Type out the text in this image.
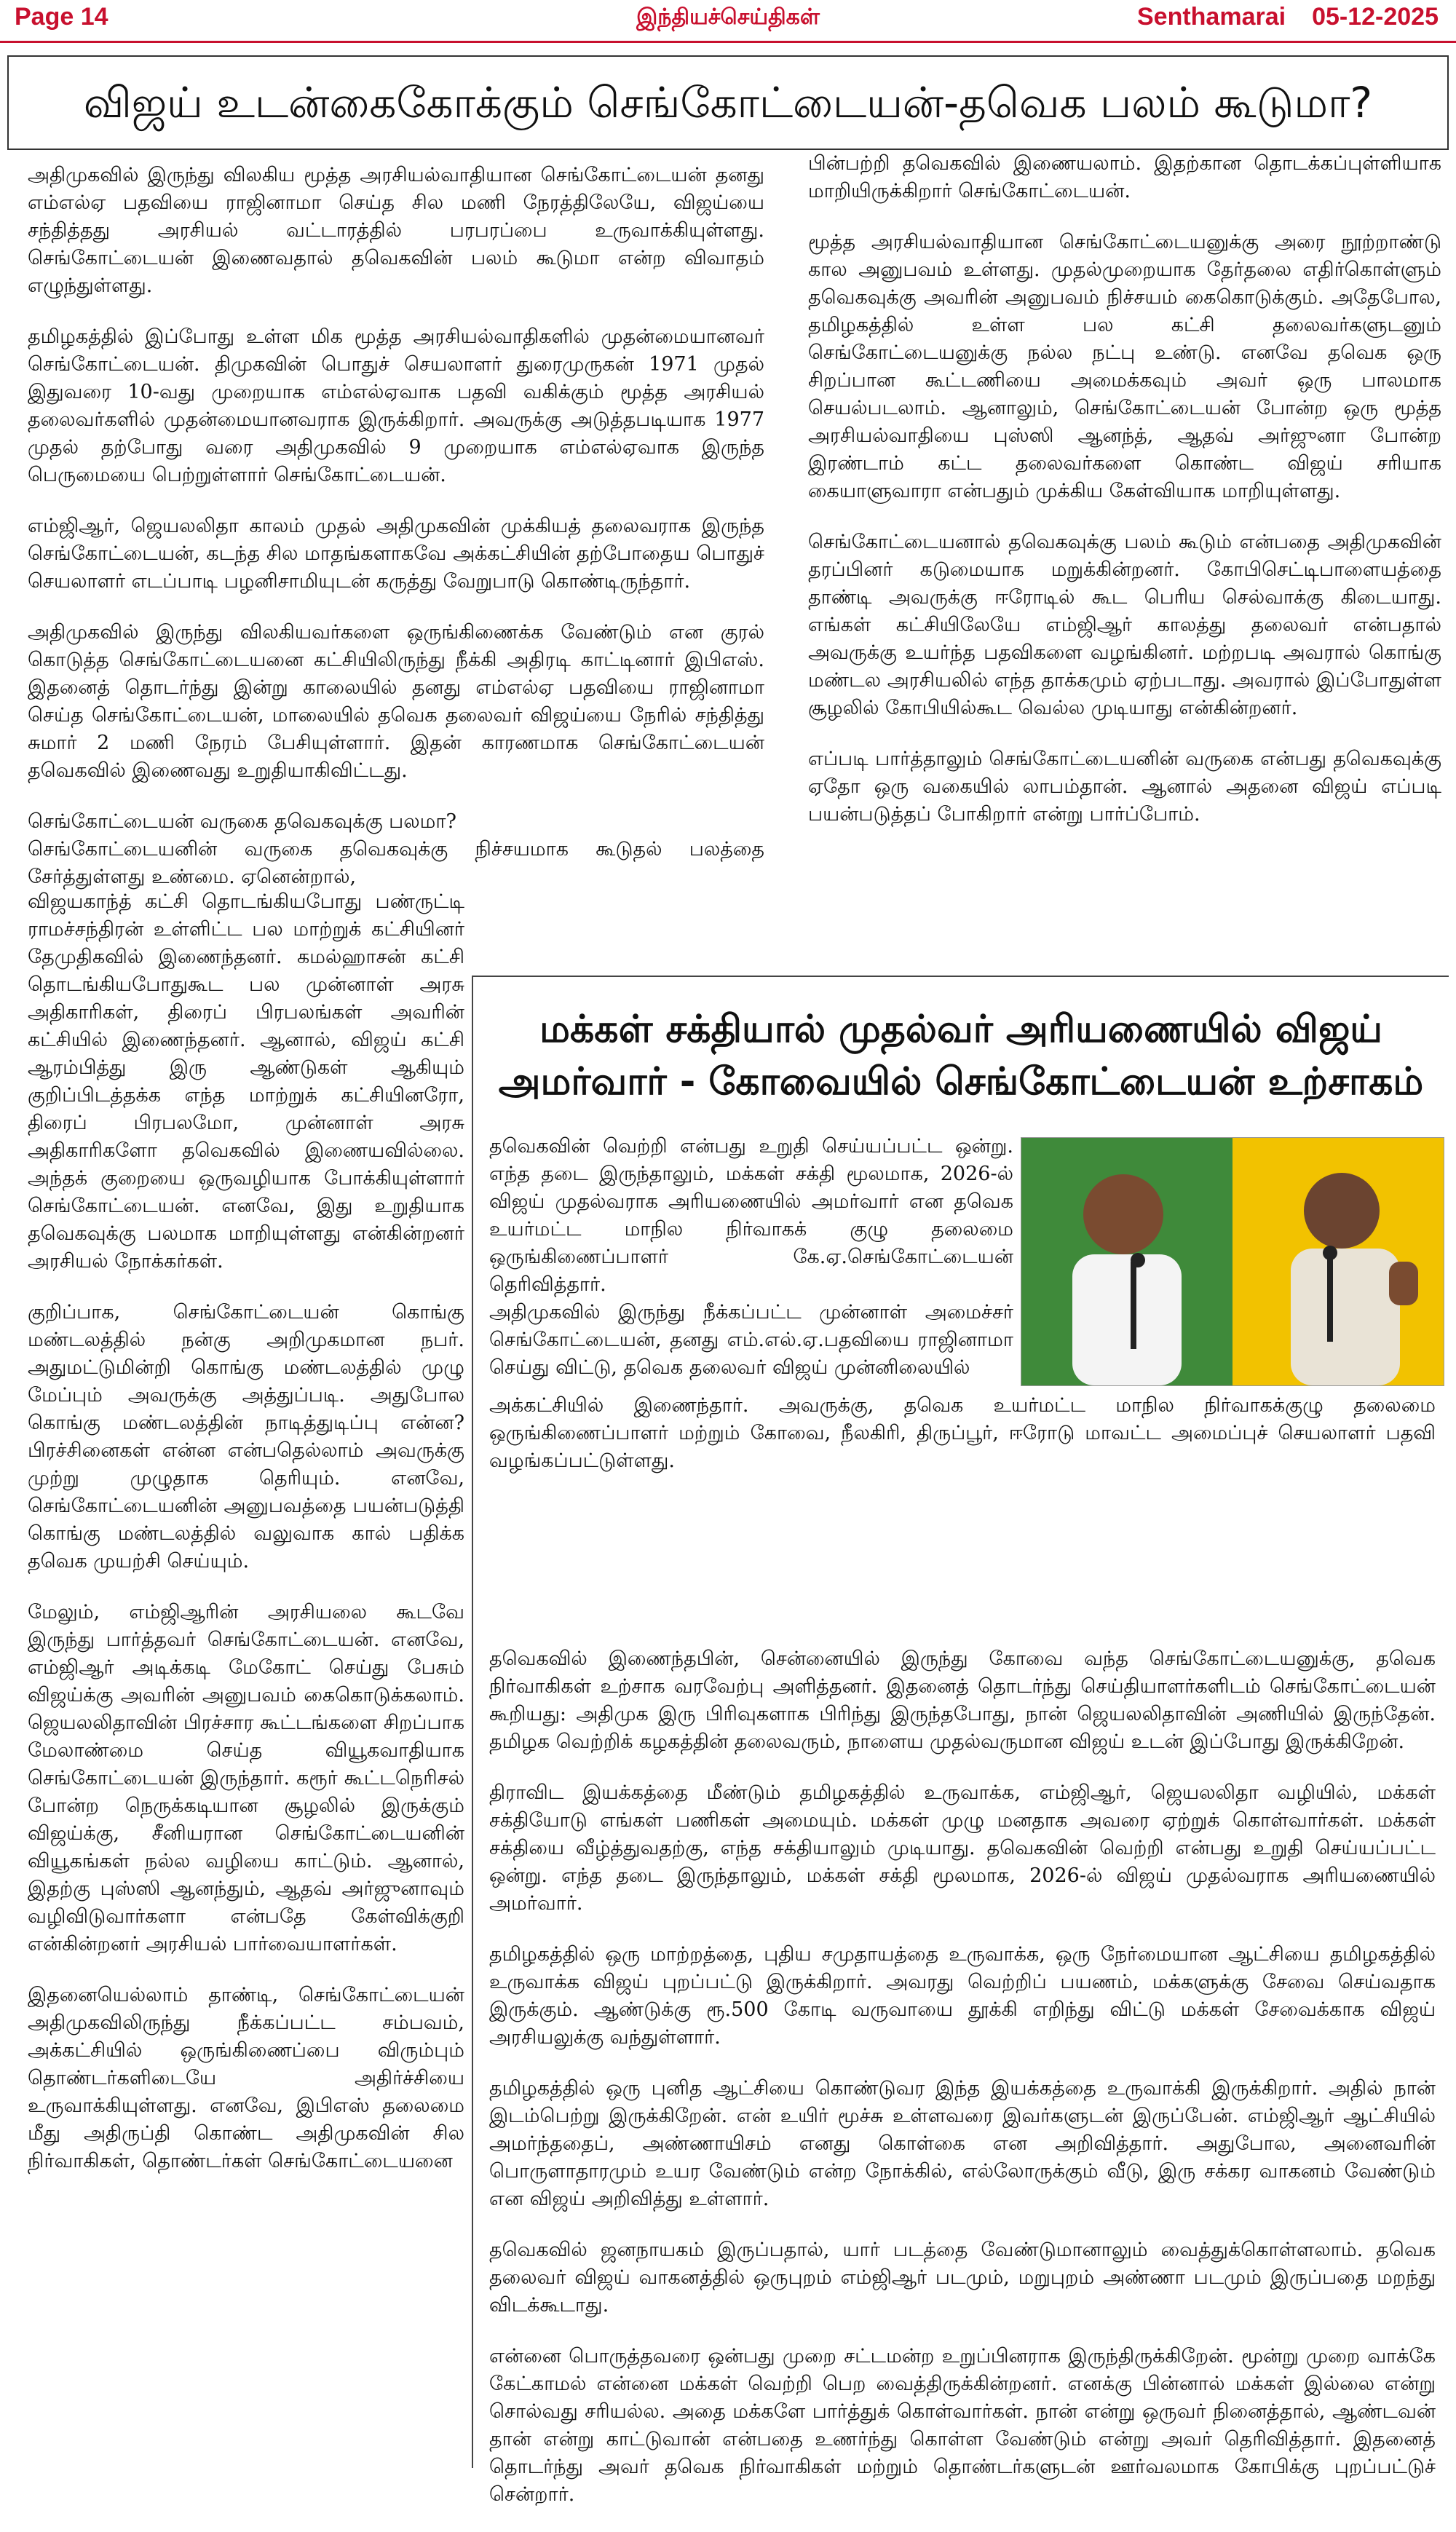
Page 14	இந்தியச்செய்திகள்	Senthamarai 05-12-2025
விஜய் உடன்கைகோக்கும் செங்கோட்டையன்-தவெக பலம் கூடுமா?

அதிமுகவில் இருந்து விலகிய மூத்த அரசியல்வாதியான செங்கோட்டையன் தனது எம்எல்ஏ பதவியை ராஜினாமா செய்த சில மணி நேரத்திலேயே, விஜய்யை சந்தித்தது அரசியல் வட்டாரத்தில் பரபரப்பை உருவாக்கியுள்ளது. செங்கோட்டையன் இணைவதால் தவெகவின் பலம் கூடுமா என்ற விவாதம் எழுந்துள்ளது.

தமிழகத்தில் இப்போது உள்ள மிக மூத்த அரசியல்வாதிகளில் முதன்மையானவர் செங்கோட்டையன். திமுகவின் பொதுச் செயலாளர் துரைமுருகன் 1971 முதல் இதுவரை 10-வது முறையாக எம்எல்ஏவாக பதவி வகிக்கும் மூத்த அரசியல் தலைவர்களில் முதன்மையானவராக இருக்கிறார். அவருக்கு அடுத்தபடியாக 1977 முதல் தற்போது வரை அதிமுகவில் 9 முறையாக எம்எல்ஏவாக இருந்த பெருமையை பெற்றுள்ளார் செங்கோட்டையன்.

எம்ஜிஆர், ஜெயலலிதா காலம் முதல் அதிமுகவின் முக்கியத் தலைவராக இருந்த செங்கோட்டையன், கடந்த சில மாதங்களாகவே அக்கட்சியின் தற்போதைய பொதுச் செயலாளர் எடப்பாடி பழனிசாமியுடன் கருத்து வேறுபாடு கொண்டிருந்தார்.

அதிமுகவில் இருந்து விலகியவர்களை ஒருங்கிணைக்க வேண்டும் என குரல் கொடுத்த செங்கோட்டையனை கட்சியிலிருந்து நீக்கி அதிரடி காட்டினார் இபிஎஸ். இதனைத் தொடர்ந்து இன்று காலையில் தனது எம்எல்ஏ பதவியை ராஜினாமா செய்த செங்கோட்டையன், மாலையில் தவெக தலைவர் விஜய்யை நேரில் சந்தித்து சுமார் 2 மணி நேரம் பேசியுள்ளார். இதன் காரணமாக செங்கோட்டையன் தவெகவில் இணைவது உறுதியாகிவிட்டது.

செங்கோட்டையன் வருகை தவெகவுக்கு பலமா?

செங்கோட்டையனின் வருகை தவெகவுக்கு நிச்சயமாக கூடுதல் பலத்தை சேர்த்துள்ளது உண்மை. ஏனென்றால்,

விஜயகாந்த் கட்சி தொடங்கியபோது பண்ருட்டி ராமச்சந்திரன் உள்ளிட்ட பல மாற்றுக் கட்சியினர் தேமுதிகவில் இணைந்தனர். கமல்ஹாசன் கட்சி தொடங்கியபோதுகூட பல முன்னாள் அரசு அதிகாரிகள், திரைப் பிரபலங்கள் அவரின் கட்சியில் இணைந்தனர். ஆனால், விஜய் கட்சி ஆரம்பித்து இரு ஆண்டுகள் ஆகியும் குறிப்பிடத்தக்க எந்த மாற்றுக் கட்சியினரோ, திரைப் பிரபலமோ, முன்னாள் அரசு அதிகாரிகளோ தவெகவில் இணையவில்லை. அந்தக் குறையை ஒருவழியாக போக்கியுள்ளார் செங்கோட்டையன். எனவே, இது உறுதியாக தவெகவுக்கு பலமாக மாறியுள்ளது என்கின்றனர் அரசியல் நோக்கர்கள்.

குறிப்பாக, செங்கோட்டையன் கொங்கு மண்டலத்தில் நன்கு அறிமுகமான நபர். அதுமட்டுமின்றி கொங்கு மண்டலத்தில் முழு மேப்பும் அவருக்கு அத்துப்படி. அதுபோல கொங்கு மண்டலத்தின் நாடித்துடிப்பு என்ன? பிரச்சினைகள் என்ன என்பதெல்லாம் அவருக்கு முற்று முழுதாக தெரியும். எனவே, செங்கோட்டையனின் அனுபவத்தை பயன்படுத்தி கொங்கு மண்டலத்தில் வலுவாக கால் பதிக்க தவெக முயற்சி செய்யும்.

மேலும், எம்ஜிஆரின் அரசியலை கூடவே இருந்து பார்த்தவர் செங்கோட்டையன். எனவே, எம்ஜிஆர் அடிக்கடி மேகோட் செய்து பேசும் விஜய்க்கு அவரின் அனுபவம் கைகொடுக்கலாம். ஜெயலலிதாவின் பிரச்சார கூட்டங்களை சிறப்பாக மேலாண்மை செய்த வியூகவாதியாக செங்கோட்டையன் இருந்தார். கரூர் கூட்டநெரிசல் போன்ற நெருக்கடியான சூழலில் இருக்கும் விஜய்க்கு, சீனியரான செங்கோட்டையனின் வியூகங்கள் நல்ல வழியை காட்டும். ஆனால், இதற்கு புஸ்ஸி ஆனந்தும், ஆதவ் அர்ஜுனாவும் வழிவிடுவார்களா என்பதே கேள்விக்குறி என்கின்றனர் அரசியல் பார்வையாளர்கள்.

இதனையெல்லாம் தாண்டி, செங்கோட்டையன் அதிமுகவிலிருந்து நீக்கப்பட்ட சம்பவம், அக்கட்சியில் ஒருங்கிணைப்பை விரும்பும் தொண்டர்களிடையே அதிர்ச்சியை உருவாக்கியுள்ளது. எனவே, இபிஎஸ் தலைமை மீது அதிருப்தி கொண்ட அதிமுகவின் சில நிர்வாகிகள், தொண்டர்கள் செங்கோட்டையனை

பின்பற்றி தவெகவில் இணையலாம். இதற்கான தொடக்கப்புள்ளியாக மாறியிருக்கிறார் செங்கோட்டையன்.

மூத்த அரசியல்வாதியான செங்கோட்டையனுக்கு அரை நூற்றாண்டு கால அனுபவம் உள்ளது. முதல்முறையாக தேர்தலை எதிர்கொள்ளும் தவெகவுக்கு அவரின் அனுபவம் நிச்சயம் கைகொடுக்கும். அதேபோல, தமிழகத்தில் உள்ள பல கட்சி தலைவர்களுடனும் செங்கோட்டையனுக்கு நல்ல நட்பு உண்டு. எனவே தவெக ஒரு சிறப்பான கூட்டணியை அமைக்கவும் அவர் ஒரு பாலமாக செயல்படலாம். ஆனாலும், செங்கோட்டையன் போன்ற ஒரு மூத்த அரசியல்வாதியை புஸ்ஸி ஆனந்த், ஆதவ் அர்ஜுனா போன்ற இரண்டாம் கட்ட தலைவர்களை கொண்ட விஜய் சரியாக கையாளுவாரா என்பதும் முக்கிய கேள்வியாக மாறியுள்ளது.

செங்கோட்டையனால் தவெகவுக்கு பலம் கூடும் என்பதை அதிமுகவின் தரப்பினர் கடுமையாக மறுக்கின்றனர். கோபிசெட்டிபாளையத்தை தாண்டி அவருக்கு ஈரோடில் கூட பெரிய செல்வாக்கு கிடையாது. எங்கள் கட்சியிலேயே எம்ஜிஆர் காலத்து தலைவர் என்பதால் அவருக்கு உயர்ந்த பதவிகளை வழங்கினர். மற்றபடி அவரால் கொங்கு மண்டல அரசியலில் எந்த தாக்கமும் ஏற்படாது. அவரால் இப்போதுள்ள சூழலில் கோபியில்கூட வெல்ல முடியாது என்கின்றனர்.

எப்படி பார்த்தாலும் செங்கோட்டையனின் வருகை என்பது தவெகவுக்கு ஏதோ ஒரு வகையில் லாபம்தான். ஆனால் அதனை விஜய் எப்படி பயன்படுத்தப் போகிறார் என்று பார்ப்போம்.

மக்கள் சக்தியால் முதல்வர் அரியணையில் விஜய்
அமர்வார் - கோவையில் செங்கோட்டையன் உற்சாகம்

தவெகவின் வெற்றி என்பது உறுதி செய்யப்பட்ட ஒன்று. எந்த தடை இருந்தாலும், மக்கள் சக்தி மூலமாக, 2026-ல் விஜய் முதல்வராக அரியணையில் அமர்வார் என தவெக உயர்மட்ட மாநில நிர்வாகக் குழு தலைமை ஒருங்கிணைப்பாளர் கே.ஏ.செங்கோட்டையன் தெரிவித்தார்.

அதிமுகவில் இருந்து நீக்கப்பட்ட முன்னாள் அமைச்சர் செங்கோட்டையன், தனது எம்.எல்.ஏ.பதவியை ராஜினாமா செய்து விட்டு, தவெக தலைவர் விஜய் முன்னிலையில்

அக்கட்சியில் இணைந்தார். அவருக்கு, தவெக உயர்மட்ட மாநில நிர்வாகக்குழு தலைமை ஒருங்கிணைப்பாளர் மற்றும் கோவை, நீலகிரி, திருப்பூர், ஈரோடு மாவட்ட அமைப்புச் செயலாளர் பதவி வழங்கப்பட்டுள்ளது.

தவெகவில் இணைந்தபின், சென்னையில் இருந்து கோவை வந்த செங்கோட்டையனுக்கு, தவெக நிர்வாகிகள் உற்சாக வரவேற்பு அளித்தனர். இதனைத் தொடர்ந்து செய்தியாளர்களிடம் செங்கோட்டையன் கூறியது: அதிமுக இரு பிரிவுகளாக பிரிந்து இருந்தபோது, நான் ஜெயலலிதாவின் அணியில் இருந்தேன். தமிழக வெற்றிக் கழகத்தின் தலைவரும், நாளைய முதல்வருமான விஜய் உடன் இப்போது இருக்கிறேன்.

திராவிட இயக்கத்தை மீண்டும் தமிழகத்தில் உருவாக்க, எம்ஜிஆர், ஜெயலலிதா வழியில், மக்கள் சக்தியோடு எங்கள் பணிகள் அமையும். மக்கள் முழு மனதாக அவரை ஏற்றுக் கொள்வார்கள். மக்கள் சக்தியை வீழ்த்துவதற்கு, எந்த சக்தியாலும் முடியாது. தவெகவின் வெற்றி என்பது உறுதி செய்யப்பட்ட ஒன்று. எந்த தடை இருந்தாலும், மக்கள் சக்தி மூலமாக, 2026-ல் விஜய் முதல்வராக அரியணையில் அமர்வார்.

தமிழகத்தில் ஒரு மாற்றத்தை, புதிய சமுதாயத்தை உருவாக்க, ஒரு நேர்மையான ஆட்சியை தமிழகத்தில் உருவாக்க விஜய் புறப்பட்டு இருக்கிறார். அவரது வெற்றிப் பயணம், மக்களுக்கு சேவை செய்வதாக இருக்கும். ஆண்டுக்கு ரூ.500 கோடி வருவாயை தூக்கி எறிந்து விட்டு மக்கள் சேவைக்காக விஜய் அரசியலுக்கு வந்துள்ளார்.

தமிழகத்தில் ஒரு புனித ஆட்சியை கொண்டுவர இந்த இயக்கத்தை உருவாக்கி இருக்கிறார். அதில் நான் இடம்பெற்று இருக்கிறேன். என் உயிர் மூச்சு உள்ளவரை இவர்களுடன் இருப்பேன். எம்ஜிஆர் ஆட்சியில் அமர்ந்ததைப், அண்ணாயிசம் எனது கொள்கை என அறிவித்தார். அதுபோல, அனைவரின் பொருளாதாரமும் உயர வேண்டும் என்ற நோக்கில், எல்லோருக்கும் வீடு, இரு சக்கர வாகனம் வேண்டும் என விஜய் அறிவித்து உள்ளார்.

தவெகவில் ஜனநாயகம் இருப்பதால், யார் படத்தை வேண்டுமானாலும் வைத்துக்கொள்ளலாம். தவெக தலைவர் விஜய் வாகனத்தில் ஒருபுறம் எம்ஜிஆர் படமும், மறுபுறம் அண்ணா படமும் இருப்பதை மறந்து விடக்கூடாது.

என்னை பொருத்தவரை ஒன்பது முறை சட்டமன்ற உறுப்பினராக இருந்திருக்கிறேன். மூன்று முறை வாக்கே கேட்காமல் என்னை மக்கள் வெற்றி பெற வைத்திருக்கின்றனர். எனக்கு பின்னால் மக்கள் இல்லை என்று சொல்வது சரியல்ல. அதை மக்களே பார்த்துக் கொள்வார்கள். நான் என்று ஒருவர் நினைத்தால், ஆண்டவன் தான் என்று காட்டுவான் என்பதை உணர்ந்து கொள்ள வேண்டும் என்று அவர் தெரிவித்தார். இதனைத் தொடர்ந்து அவர் தவெக நிர்வாகிகள் மற்றும் தொண்டர்களுடன் ஊர்வலமாக கோபிக்கு புறப்பட்டுச் சென்றார்.
